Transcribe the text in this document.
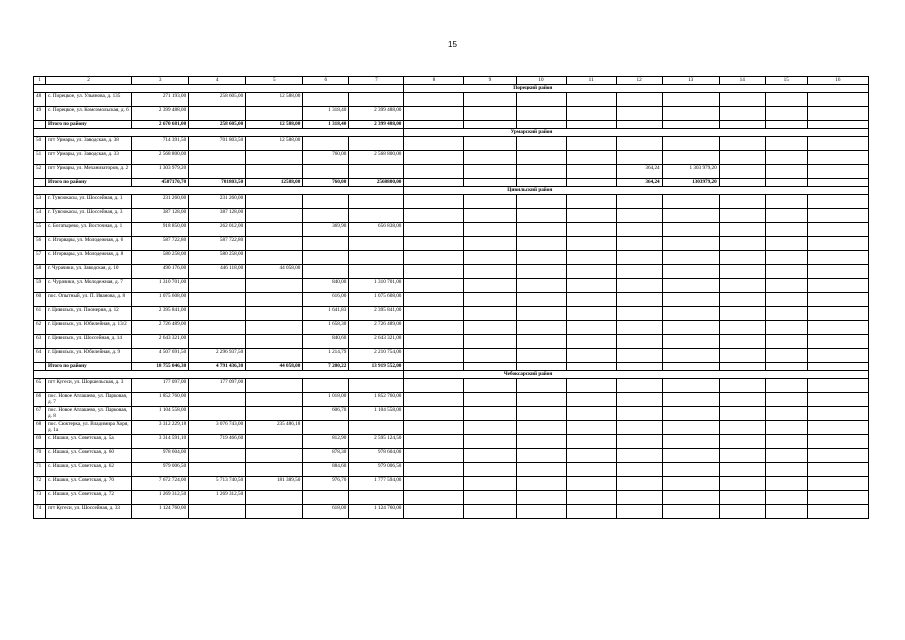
15
1	2	3	4	5	6	7	8	9	10	11	12	13	14	15	16

							Порецкий район								

48	с. Порецкое, ул. Ульянова, д. 135	271 193,00	258 605,00	12 588,00											
49	с. Порецкое, ул. Комсомольская, д. 6	2 399 488,00			1 318,40	2 399 488,00									
	Итого по району	2 670 681,00	258 605,00	12 588,00	1 318,40	2 399 488,00									

							Урмарский район								

50	пгт Урмары, ул. Заводская, д. 38	714 391,50	701 803,50	12 588,00											
51	пгт Урмары, ул. Заводская, д. 33	2 568 800,00			760,00	2 568 800,00									
52	пгт Урмары, ул. Механизаторов, д. 2	1 303 979,20									364,24	1 303 979,20			
	Итого по району	4587170,70	701803,50	12588,00	760,00	2568800,00					364,24	1303979,20			

							Цивильский район								

53	г. Тувсюкасы, ул. Шоссейная, д. 1	231 260,00	231 260,00												
54	г. Тувсюкасы, ул. Шоссейная, д. 3	387 128,00	387 128,00												
55	с. Богатырево, ул. Восточная, д. 1	918 850,00	262 012,00		369,90	656 838,00									
56	с. Игорвары, ул. Молодежная, д. 6	587 722,80	587 722,80												
57	с. Игорвары, ул. Молодежная, д. 8	580 258,00	580 258,00												
58	г. Чурачики, ул. Заводская, д. 10	490 176,00	446 118,00	44 058,00											
59	с. Чурачики, ул. Молодежная, д. 7	1 310 701,00			840,00	1 310 701,00									
60	пос. Опытный, ул. П. Иванова, д. 8	1 075 608,00			616,00	1 075 608,00									
61	г. Цивильск, ул. Пионерия, д. 12	2 395 841,00			1 641,83	2 395 841,00									
62	г. Цивильск, ул. Юбилейная, д. 13/2	2 726 489,00			1 658,30	2 726 489,00									
63	г. Цивильск, ул. Шоссейная, д. 14	2 643 321,00			840,60	2 643 321,00									
64	г. Цивильск, ул. Юбилейная, д. 9	4 507 691,50	2 296 937,50		1 214,79	2 210 754,00									
	Итого по району	18 755 046,30	4 791 436,30	44 058,00	7 200,22	13 919 552,00									

							Чебоксарский район								

65	пгт Кугеси, ул. Шоршельская, д. 3	177 097,00	177 097,00												
66	пос. Новое Атлашево, ул. Парковая, д. 7	1 852 760,00			1 018,00	1 852 760,00									
67	пос. Новое Атлашево, ул. Парковая, д. 8	1 104 558,00			606,70	1 104 558,00									
68	пос. Сюктерка, ул. Владимира Хоря, д. 1а	3 312 229,18	3 076 743,00	235 486,18											
69	с. Ишаки, ул. Советская, д. 5а	3 314 591,10	719 466,60		812,90	2 595 124,50									
70	с. Ишаки, ул. Советская, д. 60	978 604,00			878,30	978 604,00									
71	с. Ишаки, ул. Советская, д. 62	979 006,50			884,60	979 006,50									
72	с. Ишаки, ул. Советская, д. 70	7 672 724,00	5 713 740,50	181 389,50	976,70	1 777 594,00									
73	с. Ишаки, ул. Советская, д. 72	1 269 312,50	1 269 312,50												
74	пгт Кугеси, ул. Шоссейная, д. 33	1 124 760,00			618,00	1 124 760,00									
